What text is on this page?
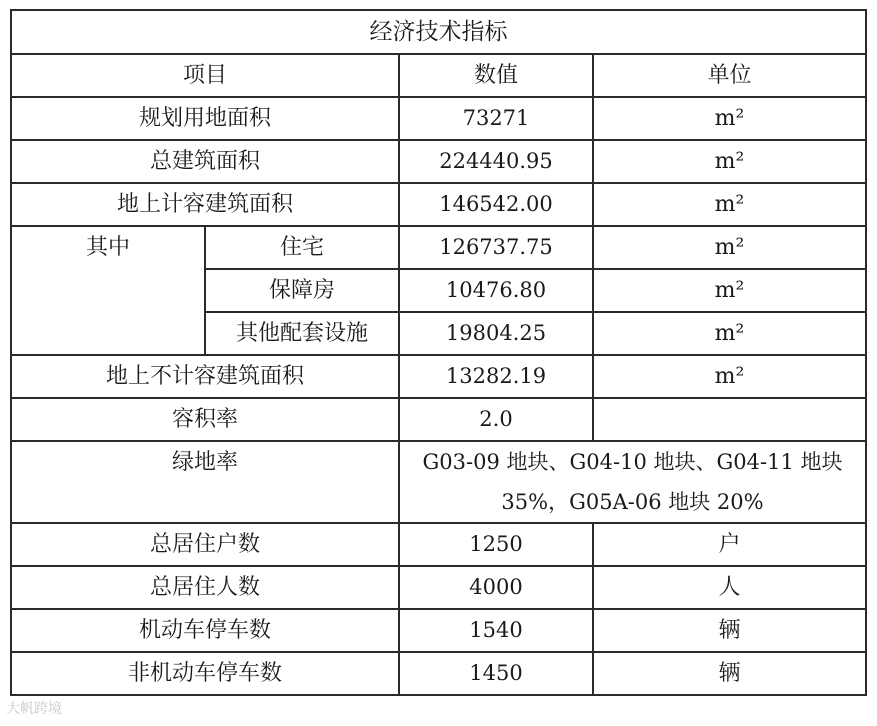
经济技术指标			
项目		数值	单位
规划用地面积		73271	m²
总建筑面积		224440.95	m²
地上计容建筑面积		146542.00	m²
其中	住宅	126737.75	m²
	保障房	10476.80	m²
	其他配套设施	19804.25	m²
地上不计容建筑面积		13282.19	m²
容积率		2.0	
绿地率		G03-09 地块、G04-10 地块、G04-11 地块 35%，G05A-06 地块 20%	
总居住户数		1250	户
总居住人数		4000	人
机动车停车数		1540	辆
非机动车停车数		1450	辆
大帆跨境
